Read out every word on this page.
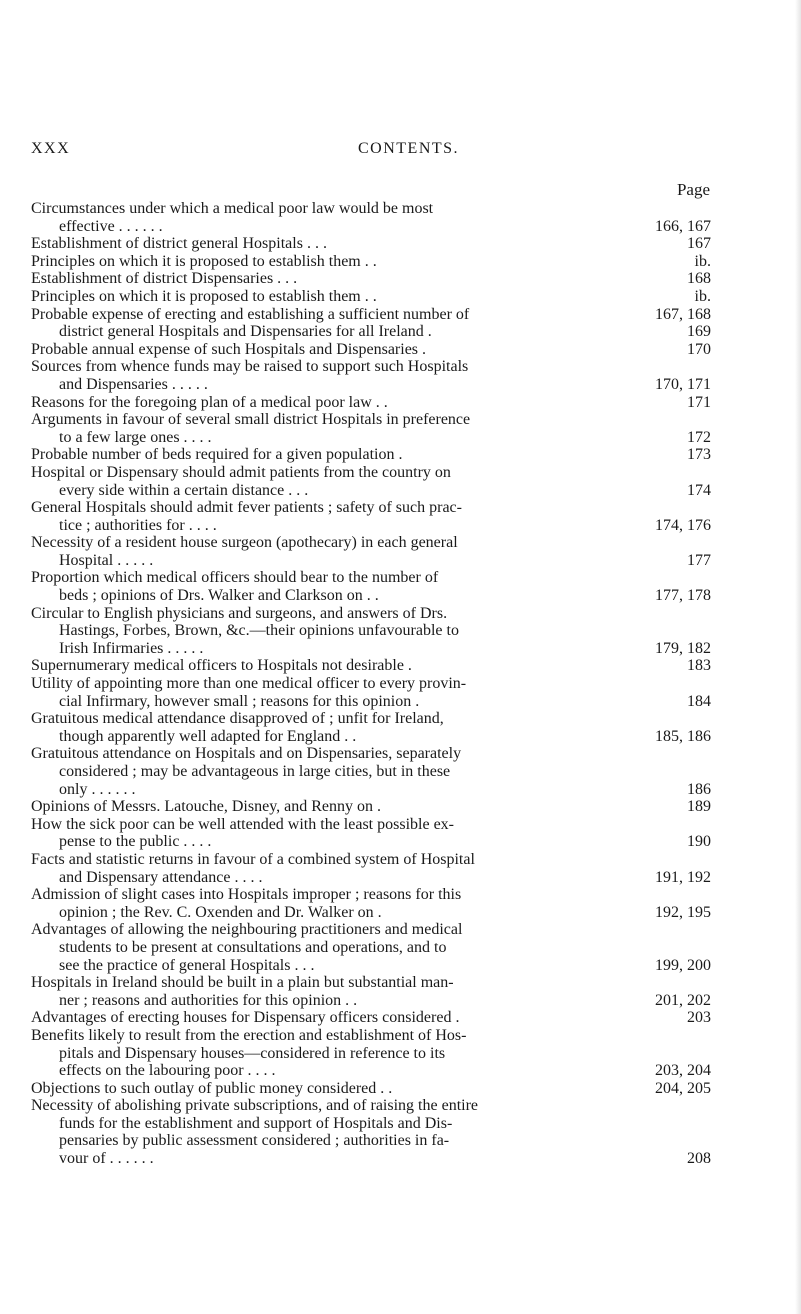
XXX	CONTENTS.
Page
Circumstances under which a medical poor law would be most
effective . . . . . .	166, 167
Establishment of district general Hospitals . . .	167
Principles on which it is proposed to establish them . .	ib.
Establishment of district Dispensaries . . .	168
Principles on which it is proposed to establish them . .	ib.
Probable expense of erecting and establishing a sufficient number of	167, 168
district general Hospitals and Dispensaries for all Ireland .	169
Probable annual expense of such Hospitals and Dispensaries .	170
Sources from whence funds may be raised to support such Hospitals
and Dispensaries . . . . .	170, 171
Reasons for the foregoing plan of a medical poor law . .	171
Arguments in favour of several small district Hospitals in preference
to a few large ones . . . .	172
Probable number of beds required for a given population .	173
Hospital or Dispensary should admit patients from the country on
every side within a certain distance . . .	174
General Hospitals should admit fever patients ; safety of such prac-
tice ; authorities for . . . .	174, 176
Necessity of a resident house surgeon (apothecary) in each general
Hospital . . . . .	177
Proportion which medical officers should bear to the number of
beds ; opinions of Drs. Walker and Clarkson on . .	177, 178
Circular to English physicians and surgeons, and answers of Drs.
Hastings, Forbes, Brown, &c.—their opinions unfavourable to
Irish Infirmaries . . . . .	179, 182
Supernumerary medical officers to Hospitals not desirable .	183
Utility of appointing more than one medical officer to every provin-
cial Infirmary, however small ; reasons for this opinion .	184
Gratuitous medical attendance disapproved of ; unfit for Ireland,
though apparently well adapted for England . .	185, 186
Gratuitous attendance on Hospitals and on Dispensaries, separately
considered ; may be advantageous in large cities, but in these
only . . . . . .	186
Opinions of Messrs. Latouche, Disney, and Renny on .	189
How the sick poor can be well attended with the least possible ex-
pense to the public . . . .	190
Facts and statistic returns in favour of a combined system of Hospital
and Dispensary attendance . . . .	191, 192
Admission of slight cases into Hospitals improper ; reasons for this
opinion ; the Rev. C. Oxenden and Dr. Walker on .	192, 195
Advantages of allowing the neighbouring practitioners and medical
students to be present at consultations and operations, and to
see the practice of general Hospitals . . .	199, 200
Hospitals in Ireland should be built in a plain but substantial man-
ner ; reasons and authorities for this opinion . .	201, 202
Advantages of erecting houses for Dispensary officers considered .	203
Benefits likely to result from the erection and establishment of Hos-
pitals and Dispensary houses—considered in reference to its
effects on the labouring poor . . . .	203, 204
Objections to such outlay of public money considered . .	204, 205
Necessity of abolishing private subscriptions, and of raising the entire
funds for the establishment and support of Hospitals and Dis-
pensaries by public assessment considered ; authorities in fa-
vour of . . . . . .	208
